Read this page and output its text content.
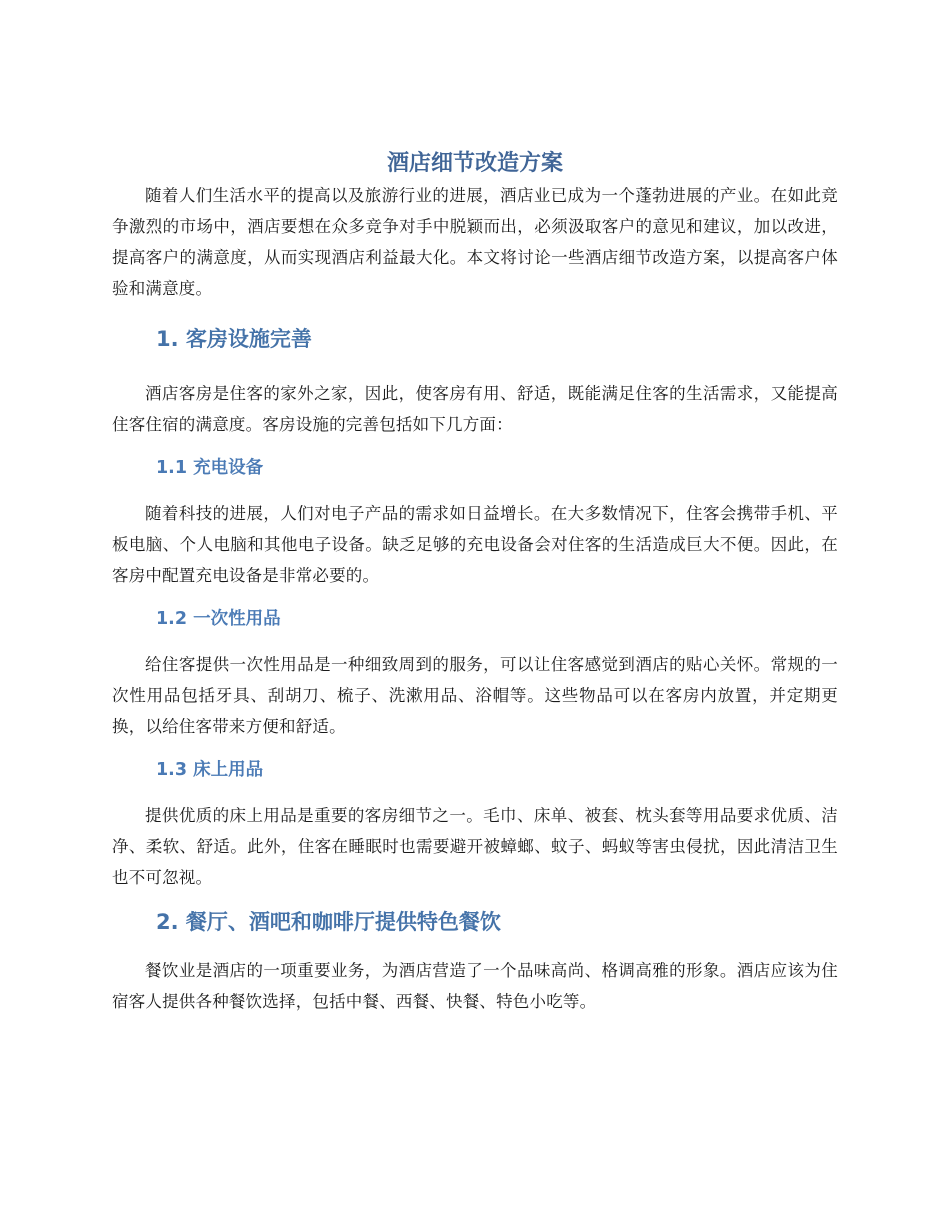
酒店细节改造方案

随着人们生活水平的提高以及旅游行业的进展，酒店业已成为一个蓬勃进展的产业。在如此竞争激烈的市场中，酒店要想在众多竞争对手中脱颖而出，必须汲取客户的意见和建议，加以改进，提高客户的满意度，从而实现酒店利益最大化。本文将讨论一些酒店细节改造方案，以提高客户体验和满意度。

1. 客房设施完善

酒店客房是住客的家外之家，因此，使客房有用、舒适，既能满足住客的生活需求，又能提高住客住宿的满意度。客房设施的完善包括如下几方面：

1.1 充电设备

随着科技的进展，人们对电子产品的需求如日益增长。在大多数情况下，住客会携带手机、平板电脑、个人电脑和其他电子设备。缺乏足够的充电设备会对住客的生活造成巨大不便。因此，在客房中配置充电设备是非常必要的。

1.2 一次性用品

给住客提供一次性用品是一种细致周到的服务，可以让住客感觉到酒店的贴心关怀。常规的一次性用品包括牙具、刮胡刀、梳子、洗漱用品、浴帽等。这些物品可以在客房内放置，并定期更换，以给住客带来方便和舒适。

1.3 床上用品

提供优质的床上用品是重要的客房细节之一。毛巾、床单、被套、枕头套等用品要求优质、洁净、柔软、舒适。此外，住客在睡眠时也需要避开被蟑螂、蚊子、蚂蚁等害虫侵扰，因此清洁卫生也不可忽视。

2. 餐厅、酒吧和咖啡厅提供特色餐饮

餐饮业是酒店的一项重要业务，为酒店营造了一个品味高尚、格调高雅的形象。酒店应该为住宿客人提供各种餐饮选择，包括中餐、西餐、快餐、特色小吃等。
